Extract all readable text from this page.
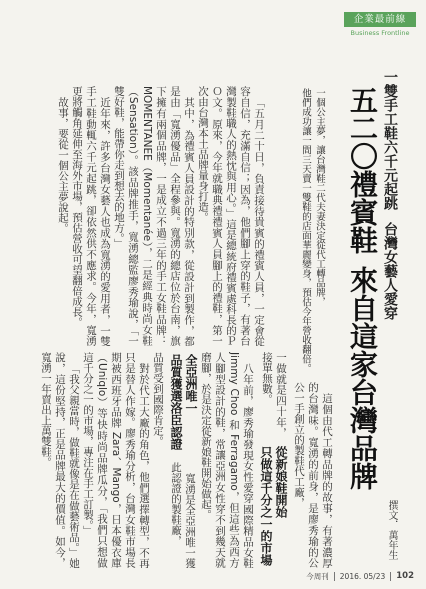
企業最前線
Business Frontline
一雙手工鞋六千元起跳台灣女藝人愛穿
五二〇禮賓鞋來自這家台灣品牌

一個公主夢，讓台灣鞋二代夫妻決定從代工轉品牌，

他們成功讓一間三天賣一雙鞋的店面華麗變身，預估今年營收翻倍。

撰文．萬年生

「五月二十日，負責接待貴賓的禮賓人員，一定會從容自信，充滿自信；因為，他們腳上穿的鞋子，有著台灣製鞋職人的熱忱與用心。」這是總統府禮賓處科長的ＰＯ文。原來，今年就職典禮禮賓人員腳上的禮鞋，第一次由台灣本土品牌量身打造。

其中，為禮賓人員設計的特別款，從設計到製作，都是由「寬湧優品」全程參與。寬湧的總店位於台南，旗下擁有兩個品牌，一是成立不過三年的手工女鞋品牌：MOMENTANEE（Momentanée），二是經典時尚女鞋（Sensation）。該品牌推手，寬湧總監廖秀瑜說，「一雙好鞋，能帶你走到想去的地方。」

近年來，許多台灣女藝人也成為寬湧的愛用者，一雙手工鞋動輒六千元起跳，卻依然供不應求。今年，寬湧更將觸角延伸至海外市場，預估營收可望翻倍成長。

故事，要從一個公主夢說起。

這個由代工轉品牌的故事，有著濃厚的台灣味。寬湧的前身，是廖秀瑜的公公一手創立的製鞋代工廠，

一做就是四十年，接單無數。

從新娘鞋開始

只做這千分之一的市場

八年前，廖秀瑜發現女性愛穿國際精品女鞋 Jimmy Choo 和 Ferragamo，但這些為西方人腳型設計的鞋，常讓亞洲女性穿不到幾天就磨腳，於是決定從新娘鞋開始做起。

全亞洲唯一

品質獲選洛臣認證

寬湧是全亞洲唯一獲此認證的製鞋廠，

品質受到國際肯定。

對於代工大廠的角色，他們選擇轉型，不再只是替人作嫁。廖秀瑜分析，台灣女鞋市場長期被西班牙品牌 Zara、Mango，日本優衣庫（Uniqlo）等快時尚品牌瓜分，「我們只想做這千分之一的市場，專注在手工訂製。」

「我父親當時，做鞋就像是在做藝術品。」她說，這份堅持，正是品牌最大的價值。如今，寬湧一年賣出上萬雙鞋。

今周刊	2016. 05/23	102
